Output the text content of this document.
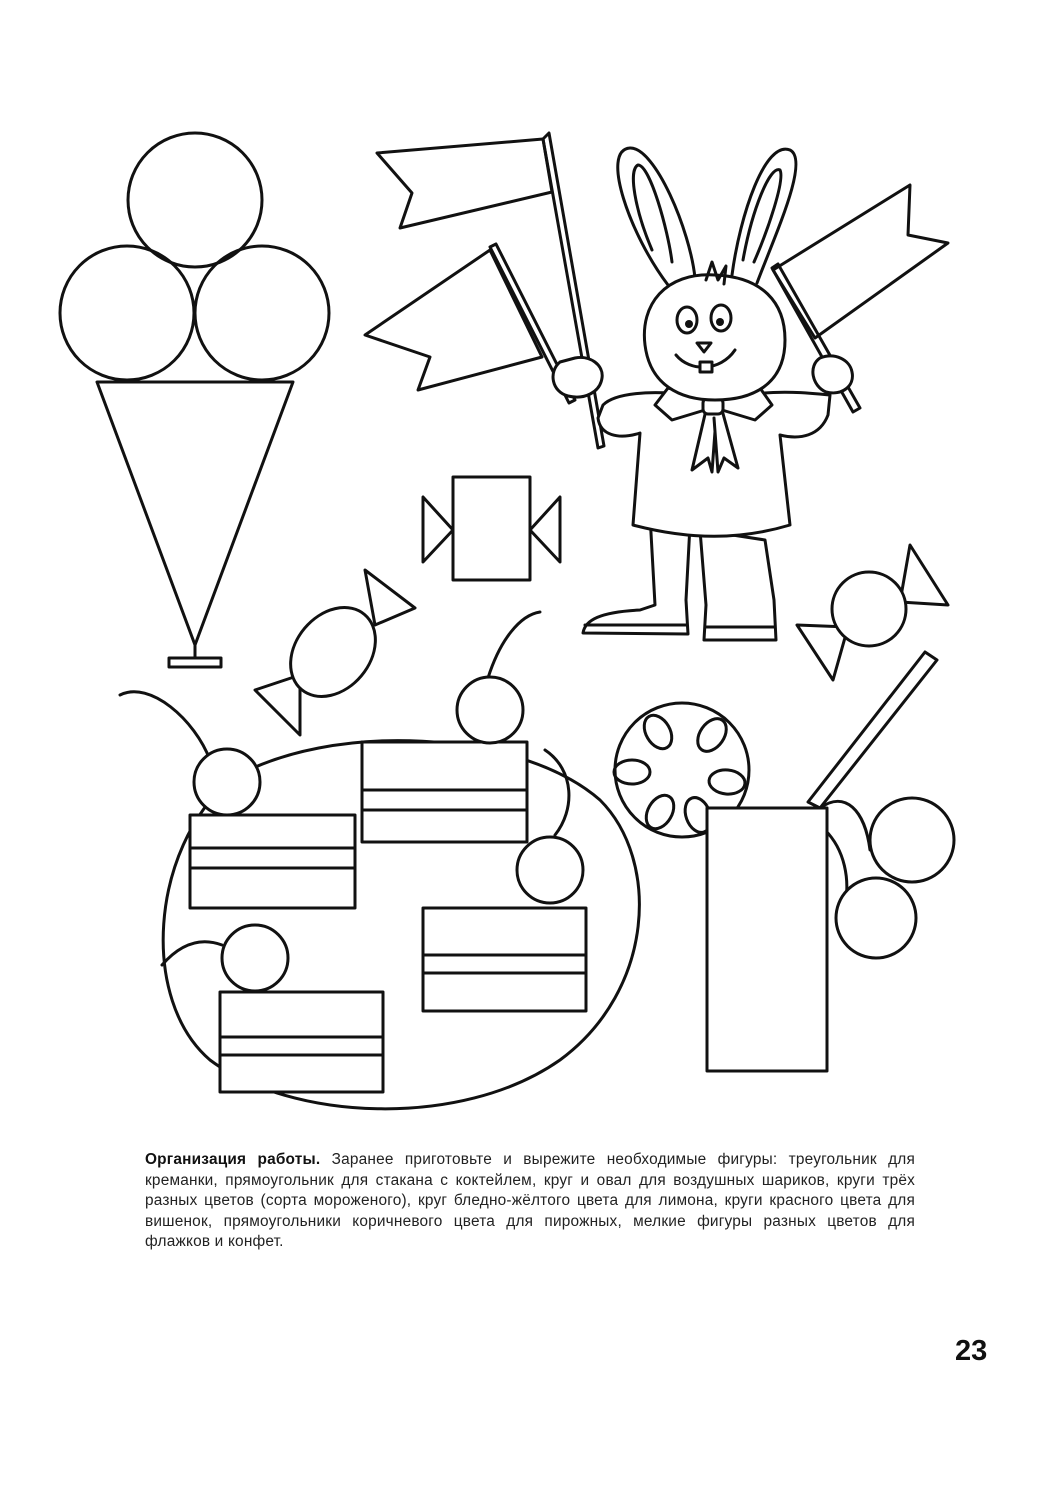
Организация работы. Заранее приготовьте и вырежите необходимые фигуры: треугольник для креманки, прямоугольник для стакана с коктейлем, круг и овал для воздушных шариков, круги трёх разных цветов (сорта мороженого), круг бледно-жёлтого цвета для лимона, круги красного цвета для вишенок, прямоугольники коричневого цвета для пирожных, мелкие фигуры разных цветов для флажков и конфет.
23
